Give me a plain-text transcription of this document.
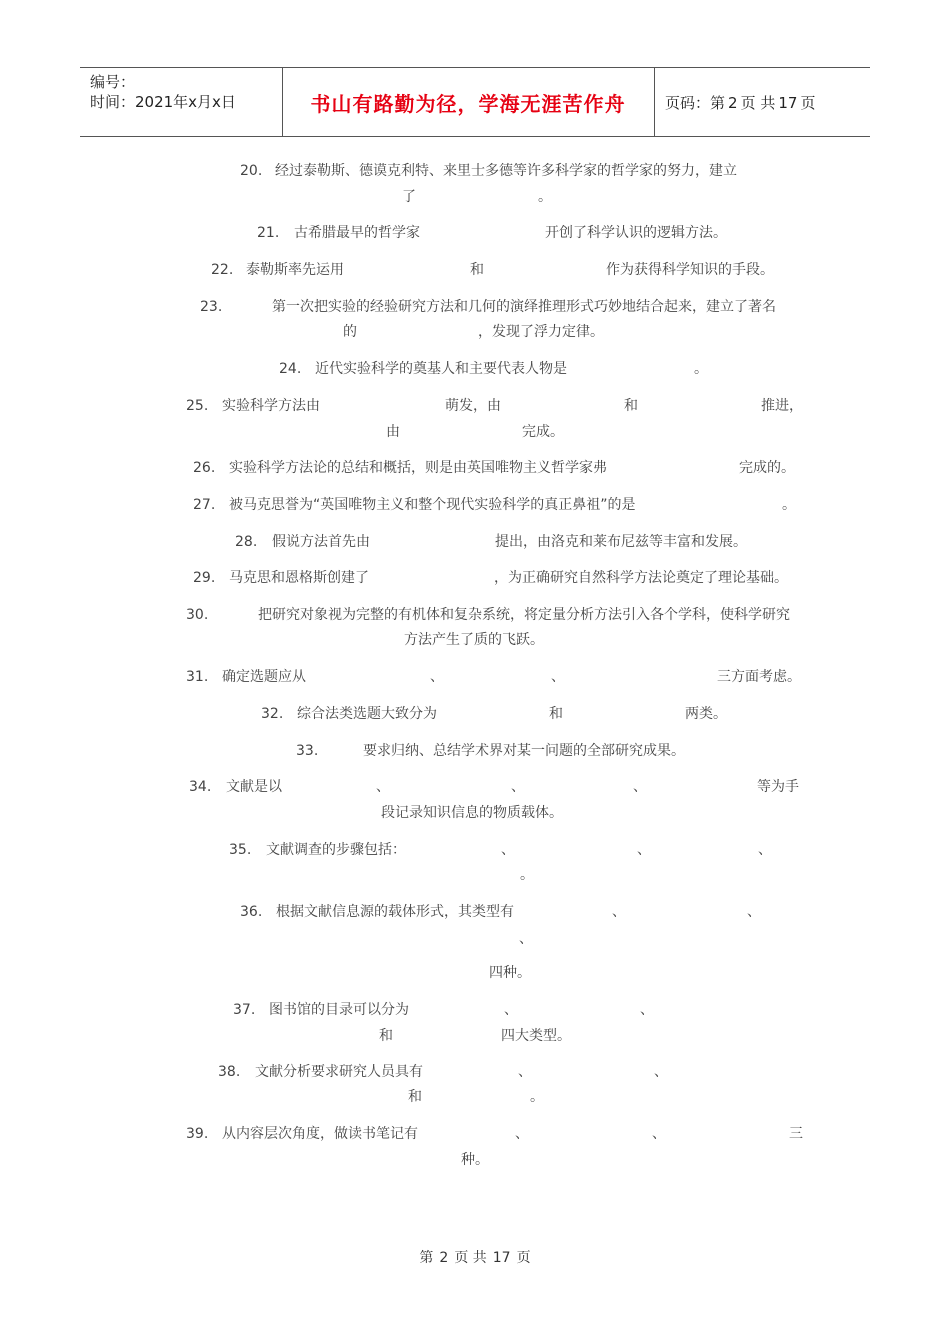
编号：
时间：2021年x月x日	书山有路勤为径，学海无涯苦作舟	页码：第 2 页 共 17 页
20. 经过泰勒斯、德谟克利特、来里士多德等许多科学家的哲学家的努力，建立
了	。
21. 古希腊最早的哲学家	开创了科学认识的逻辑方法。
22. 泰勒斯率先运用	和	作为获得科学知识的手段。
23.	第一次把实验的经验研究方法和几何的演绎推理形式巧妙地结合起来，建立了著名
的	，发现了浮力定律。
24. 近代实验科学的奠基人和主要代表人物是	。
25. 实验科学方法由	萌发，由	和	推进，
由	完成。
26. 实验科学方法论的总结和概括，则是由英国唯物主义哲学家弗	完成的。
27. 被马克思誉为“英国唯物主义和整个现代实验科学的真正鼻祖”的是	。
28. 假说方法首先由	提出，由洛克和莱布尼兹等丰富和发展。
29. 马克思和恩格斯创建了	，为正确研究自然科学方法论奠定了理论基础。
30.	把研究对象视为完整的有机体和复杂系统，将定量分析方法引入各个学科，使科学研究
方法产生了质的飞跃。
31. 确定选题应从	、	、	三方面考虑。
32. 综合法类选题大致分为	和	两类。
33.	要求归纳、总结学术界对某一问题的全部研究成果。
34. 文献是以	、	、	、	等为手
段记录知识信息的物质载体。
35. 文献调查的步骤包括：	、	、	、
。
36. 根据文献信息源的载体形式，其类型有	、	、
、
四种。
37. 图书馆的目录可以分为	、	、
和	四大类型。
38. 文献分析要求研究人员具有	、	、
和	。
39. 从内容层次角度，做读书笔记有	、	、	三
种。
第 2 页 共 17 页
